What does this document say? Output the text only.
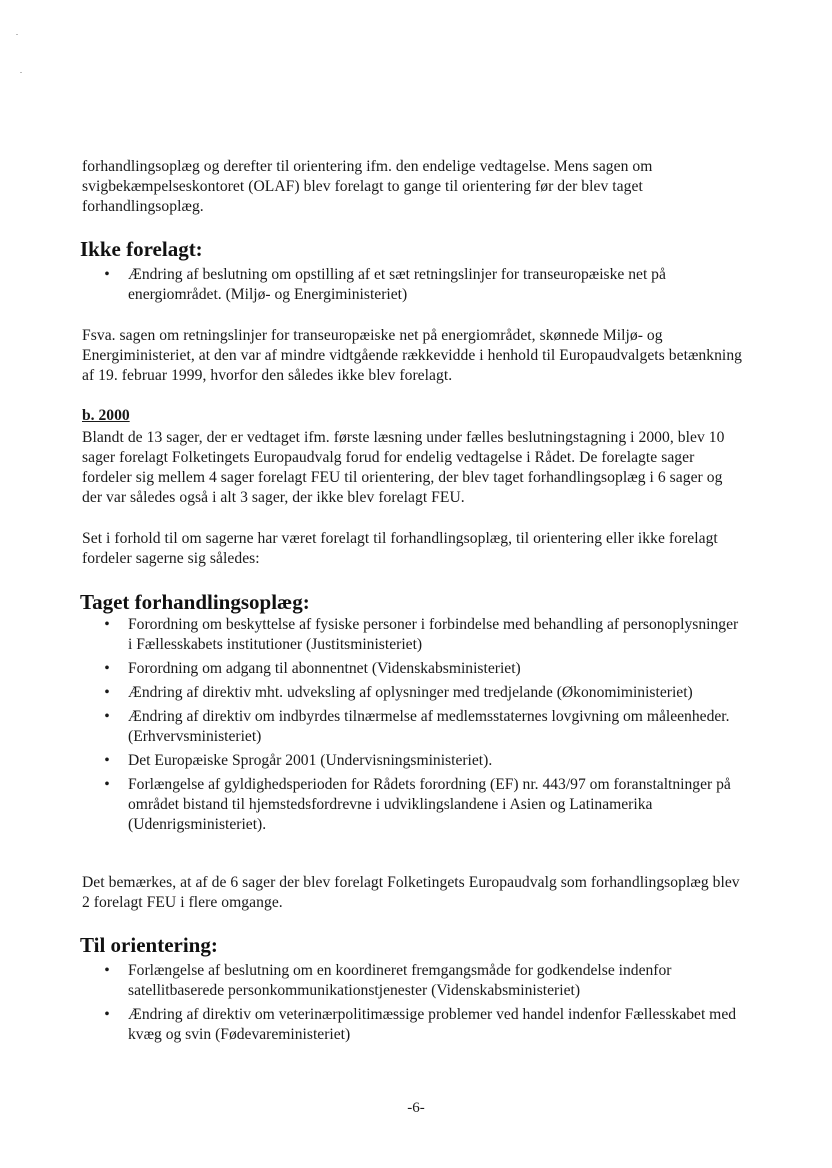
forhandlingsoplæg og derefter til orientering ifm. den endelige vedtagelse. Mens sagen om svigbekæmpelseskontoret (OLAF) blev forelagt to gange til orientering før der blev taget forhandlingsoplæg.

Ikke forelagt:
• Ændring af beslutning om opstilling af et sæt retningslinjer for transeuropæiske net på energiområdet. (Miljø- og Energiministeriet)

Fsva. sagen om retningslinjer for transeuropæiske net på energiområdet, skønnede Miljø- og Energiministeriet, at den var af mindre vidtgående rækkevidde i henhold til Europaudvalgets betænkning af 19. februar 1999, hvorfor den således ikke blev forelagt.

b. 2000

Blandt de 13 sager, der er vedtaget ifm. første læsning under fælles beslutningstagning i 2000, blev 10 sager forelagt Folketingets Europaudvalg forud for endelig vedtagelse i Rådet. De forelagte sager fordeler sig mellem 4 sager forelagt FEU til orientering, der blev taget forhandlingsoplæg i 6 sager og der var således også i alt 3 sager, der ikke blev forelagt FEU.

Set i forhold til om sagerne har været forelagt til forhandlingsoplæg, til orientering eller ikke forelagt fordeler sagerne sig således:

Taget forhandlingsoplæg:
• Forordning om beskyttelse af fysiske personer i forbindelse med behandling af personoplysninger i Fællesskabets institutioner (Justitsministeriet)
• Forordning om adgang til abonnentnet (Videnskabsministeriet)
• Ændring af direktiv mht. udveksling af oplysninger med tredjelande (Økonomiministeriet)
• Ændring af direktiv om indbyrdes tilnærmelse af medlemsstaternes lovgivning om måleenheder. (Erhvervsministeriet)
• Det Europæiske Sprogår 2001 (Undervisningsministeriet).
• Forlængelse af gyldighedsperioden for Rådets forordning (EF) nr. 443/97 om foranstaltninger på området bistand til hjemstedsfordrevne i udviklingslandene i Asien og Latinamerika (Udenrigsministeriet).

Det bemærkes, at af de 6 sager der blev forelagt Folketingets Europaudvalg som forhandlingsoplæg blev 2 forelagt FEU i flere omgange.

Til orientering:
• Forlængelse af beslutning om en koordineret fremgangsmåde for godkendelse indenfor satellitbaserede personkommunikationstjenester (Videnskabsministeriet)
• Ændring af direktiv om veterinærpolitimæssige problemer ved handel indenfor Fællesskabet med kvæg og svin (Fødevareministeriet)
-6-
